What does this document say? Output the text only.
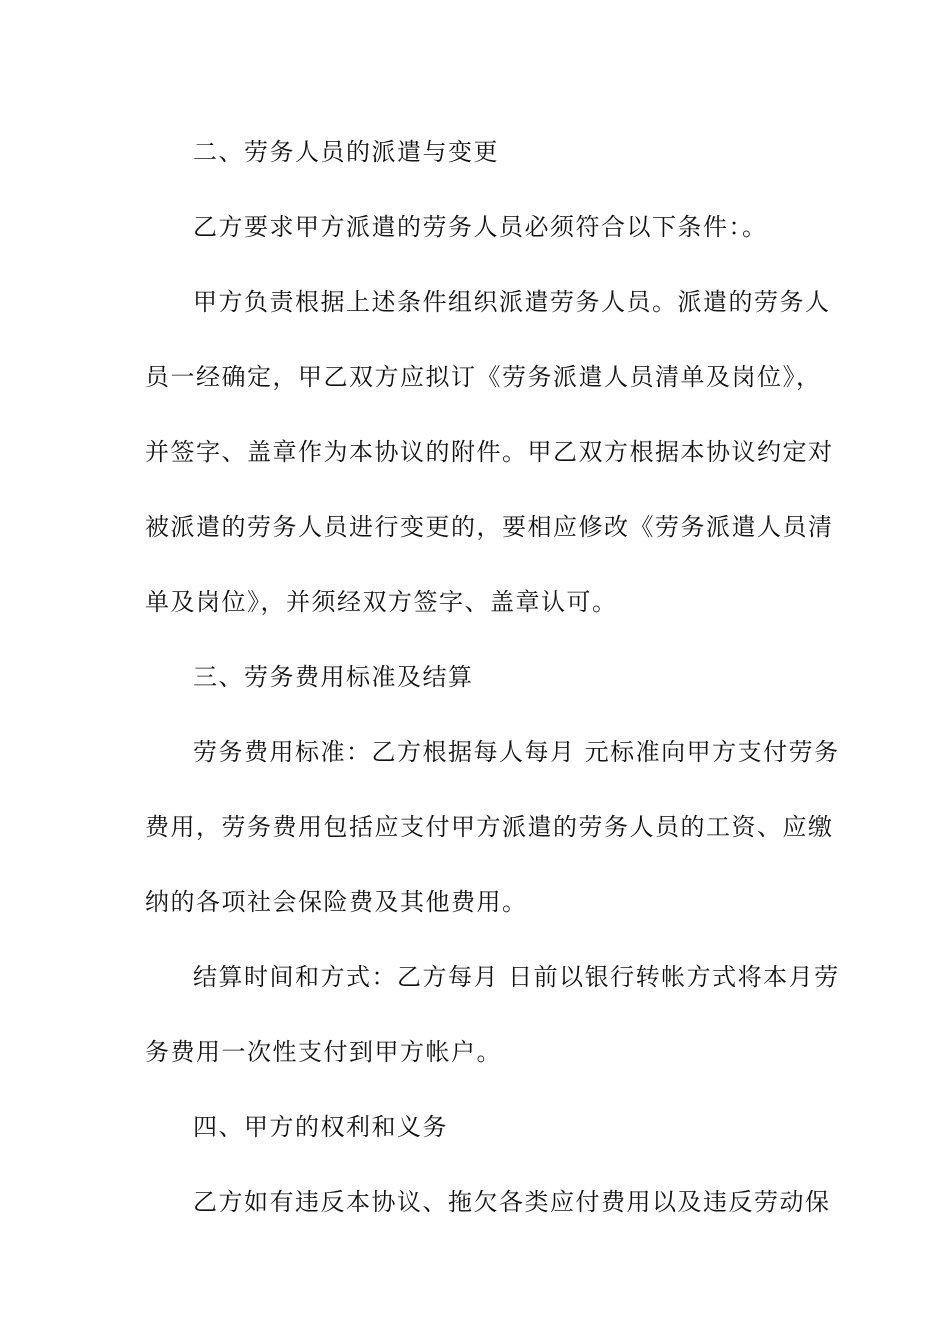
二、劳务人员的派遣与变更
乙方要求甲方派遣的劳务人员必须符合以下条件：。
甲方负责根据上述条件组织派遣劳务人员。派遣的劳务人
员一经确定，甲乙双方应拟订《劳务派遣人员清单及岗位》，
并签字、盖章作为本协议的附件。甲乙双方根据本协议约定对
被派遣的劳务人员进行变更的，要相应修改《劳务派遣人员清
单及岗位》，并须经双方签字、盖章认可。
三、劳务费用标准及结算
劳务费用标准：乙方根据每人每月 元标准向甲方支付劳务
费用，劳务费用包括应支付甲方派遣的劳务人员的工资、应缴
纳的各项社会保险费及其他费用。
结算时间和方式：乙方每月 日前以银行转帐方式将本月劳
务费用一次性支付到甲方帐户。
四、甲方的权利和义务
乙方如有违反本协议、拖欠各类应付费用以及违反劳动保
